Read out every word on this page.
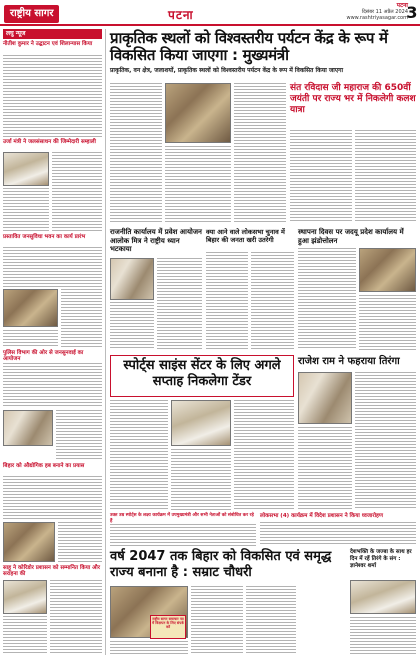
राष्ट्रीय सागर	पटना
पटना
दिसंबर 11 अप्रैल 2024
www.rashtriyasagar.com
3
लघु न्यूज
नीतीश कुमार ने उद्घाटन एवं शिलान्यास किया
उर्जा मंत्री ने जलसंसाधन की जिम्मेदारी सम्हाली
प्रस्तावित जनसुविधा भवन का कार्य प्रारंभ
पुलिस विभाग की ओर से जनसुनवाई का आयोजन
बिहार को औद्योगिक हब बनाने का प्रयास
साहू ने कोरिडोर प्रशासन को सम्मानित किया और सराहना की
प्राकृतिक स्थलों को विश्वस्तरीय पर्यटन केंद्र के रूप में विकसित किया जाएगा : मुख्यमंत्री
प्राकृतिक, वन क्षेत्र, जलाशयों, प्राकृतिक स्थलों को विश्वस्तरीय पर्यटन केंद्र के रूप में विकसित किया जाएगा
संत रविदास जी महाराज की 650वीं जयंती पर राज्य भर में निकलेगी कलश यात्रा
राजनीति कार्यालय में प्रवेश आयोजन आलोक मित्र ने राष्ट्रीय ध्यान भटकाया
क्या आने वाले लोकसभा चुनाव में बिहार की जनता खरी उतरेगी
स्थापना दिवस पर जदयू प्रदेश कार्यालय में हुआ झंडोत्तोलन
स्पोर्ट्स साइंस सेंटर के लिए अगले सप्ताह निकलेगा टेंडर
राजेश राम ने फहराया तिरंगा
लोकसभा (4) कार्यक्रम में विदेश प्रशासन ने किया ध्वजारोहण
उक्त उम्र स्पोर्ट्स के लक्ष्य कार्यक्रम में उपमुख्यमंत्री और सभी नेताओं को संबोधित कर रहे हैं
वर्ष 2047 तक बिहार को विकसित एवं समृद्ध राज्य बनाना है : सम्राट चौधरी
देशभक्ति के जज्बा के साथ हर दिन में रहें तिरंगे के संग : ज्ञानेश्वर शर्मा
राष्ट्रीय सागर समाचार पत्र में विज्ञापन के लिए संपर्क करें
